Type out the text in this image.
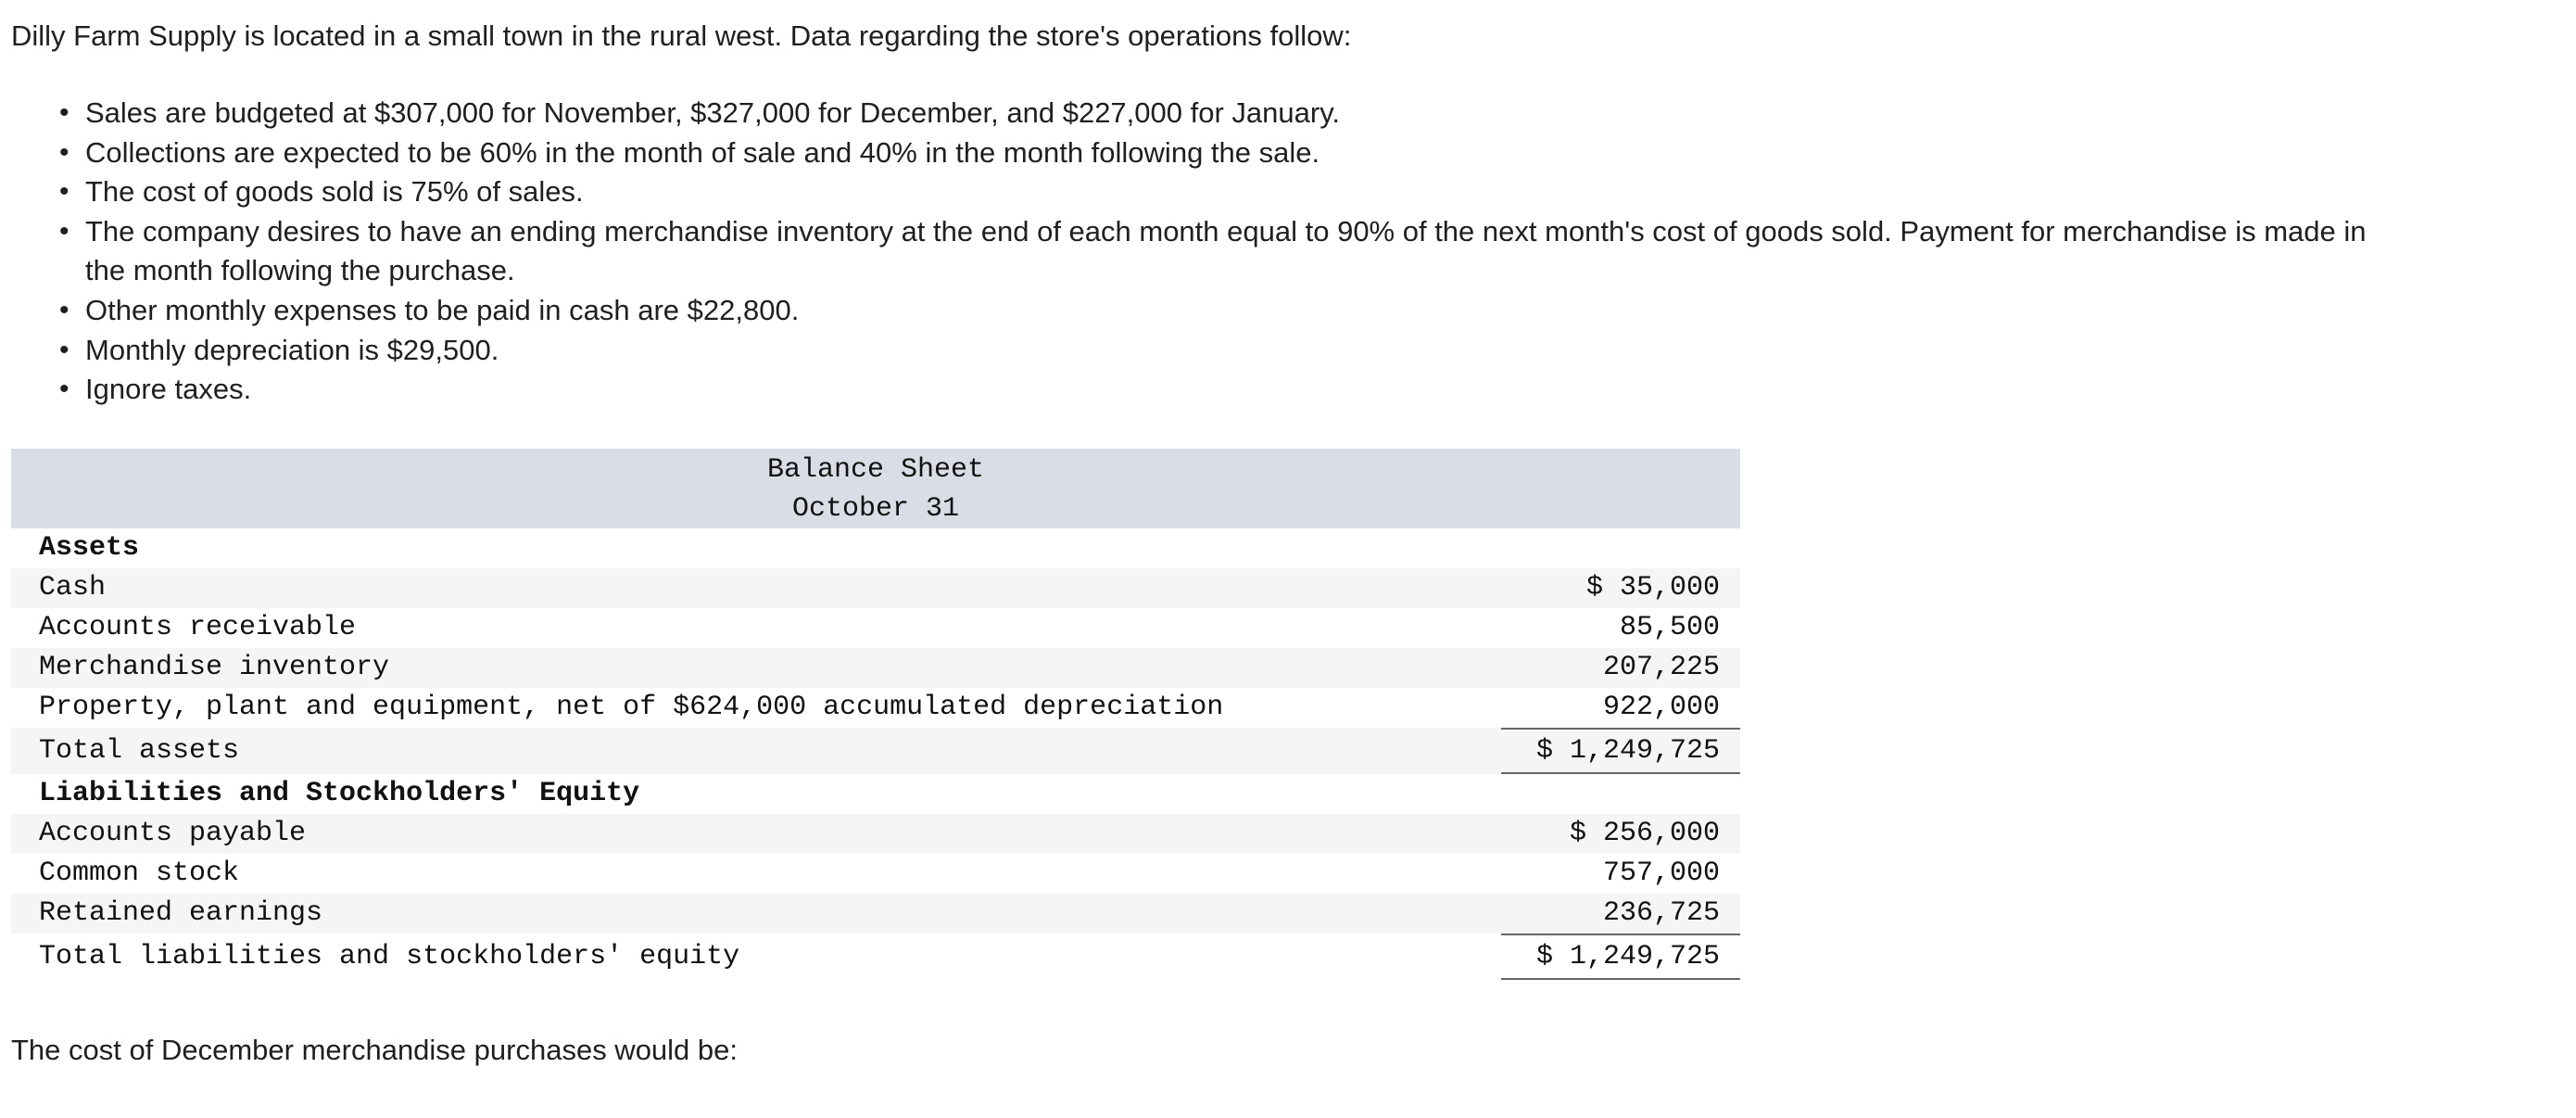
Dilly Farm Supply is located in a small town in the rural west. Data regarding the store's operations follow:

• Sales are budgeted at $307,000 for November, $327,000 for December, and $227,000 for January.
• Collections are expected to be 60% in the month of sale and 40% in the month following the sale.
• The cost of goods sold is 75% of sales.
• The company desires to have an ending merchandise inventory at the end of each month equal to 90% of the next month's cost of goods sold. Payment for merchandise is made in
the month following the purchase.
• Other monthly expenses to be paid in cash are $22,800.
• Monthly depreciation is $29,500.
• Ignore taxes.
Balance Sheet
October 31
Assets
Cash	$ 35,000
Accounts receivable	85,500
Merchandise inventory	207,225
Property, plant and equipment, net of $624,000 accumulated depreciation	922,000
Total assets	$ 1,249,725
Liabilities and Stockholders' Equity
Accounts payable	$ 256,000
Common stock	757,000
Retained earnings	236,725
Total liabilities and stockholders' equity	$ 1,249,725

The cost of December merchandise purchases would be:
